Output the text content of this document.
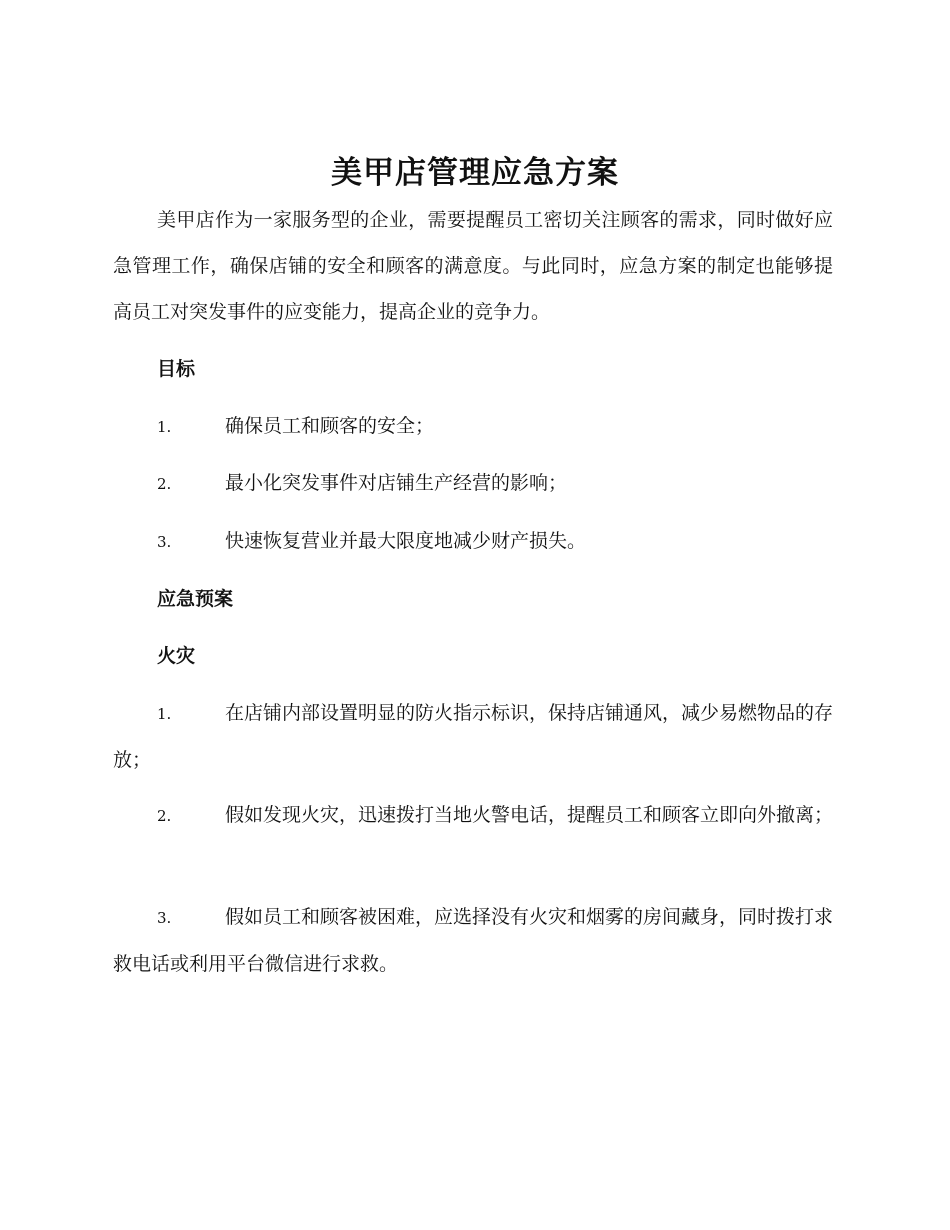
美甲店管理应急方案
美甲店作为一家服务型的企业，需要提醒员工密切关注顾客的需求，同时做好应急管理工作，确保店铺的安全和顾客的满意度。与此同时，应急方案的制定也能够提高员工对突发事件的应变能力，提高企业的竞争力。
目标
1.	确保员工和顾客的安全；
2.	最小化突发事件对店铺生产经营的影响；
3.	快速恢复营业并最大限度地减少财产损失。
应急预案
火灾
1.	在店铺内部设置明显的防火指示标识，保持店铺通风，减少易燃物品的存放；
2.	假如发现火灾，迅速拨打当地火警电话，提醒员工和顾客立即向外撤离；
3.	假如员工和顾客被困难，应选择没有火灾和烟雾的房间藏身，同时拨打求救电话或利用平台微信进行求救。
